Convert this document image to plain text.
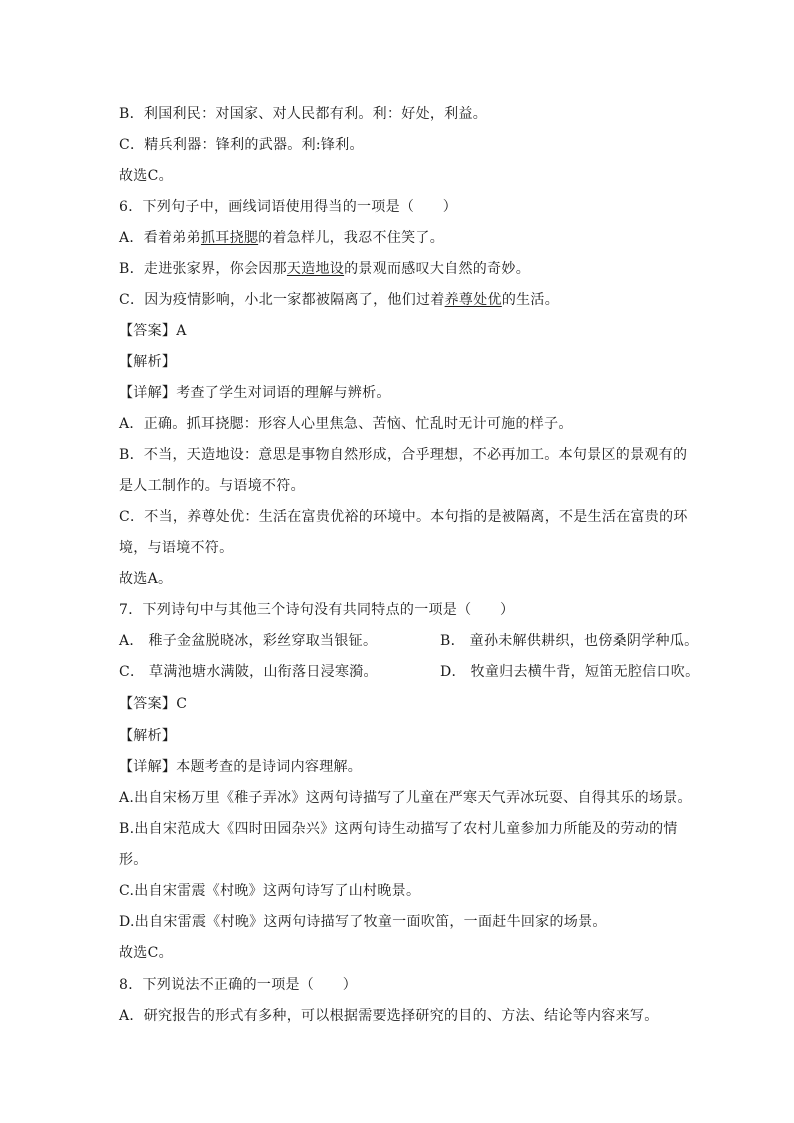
B．利国利民：对国家、对人民都有利。利：好处，利益。
C．精兵利器：锋利的武器。利:锋利。
故选C。
6．下列句子中，画线词语使用得当的一项是（　　）
A．看着弟弟抓耳挠腮的着急样儿，我忍不住笑了。
B．走进张家界，你会因那天造地设的景观而感叹大自然的奇妙。
C．因为疫情影响，小北一家都被隔离了，他们过着养尊处优的生活。
【答案】A
【解析】
【详解】考查了学生对词语的理解与辨析。
A．正确。抓耳挠腮：形容人心里焦急、苦恼、忙乱时无计可施的样子。
B．不当，天造地设：意思是事物自然形成，合乎理想，不必再加工。本句景区的景观有的
是人工制作的。与语境不符。
C．不当，养尊处优：生活在富贵优裕的环境中。本句指的是被隔离，不是生活在富贵的环
境，与语境不符。
故选A。
7．下列诗句中与其他三个诗句没有共同特点的一项是（　　）
A． 稚子金盆脱晓冰，彩丝穿取当银钲。	B． 童孙未解供耕织，也傍桑阴学种瓜。
C． 草满池塘水满陂，山衔落日浸寒漪。	D． 牧童归去横牛背，短笛无腔信口吹。
【答案】C
【解析】
【详解】本题考查的是诗词内容理解。
A.出自宋杨万里《稚子弄冰》这两句诗描写了儿童在严寒天气弄冰玩耍、自得其乐的场景。
B.出自宋范成大《四时田园杂兴》这两句诗生动描写了农村儿童参加力所能及的劳动的情
形。
C.出自宋雷震《村晚》这两句诗写了山村晚景。
D.出自宋雷震《村晚》这两句诗描写了牧童一面吹笛，一面赶牛回家的场景。
故选C。
8．下列说法不正确的一项是（　　）
A．研究报告的形式有多种，可以根据需要选择研究的目的、方法、结论等内容来写。
